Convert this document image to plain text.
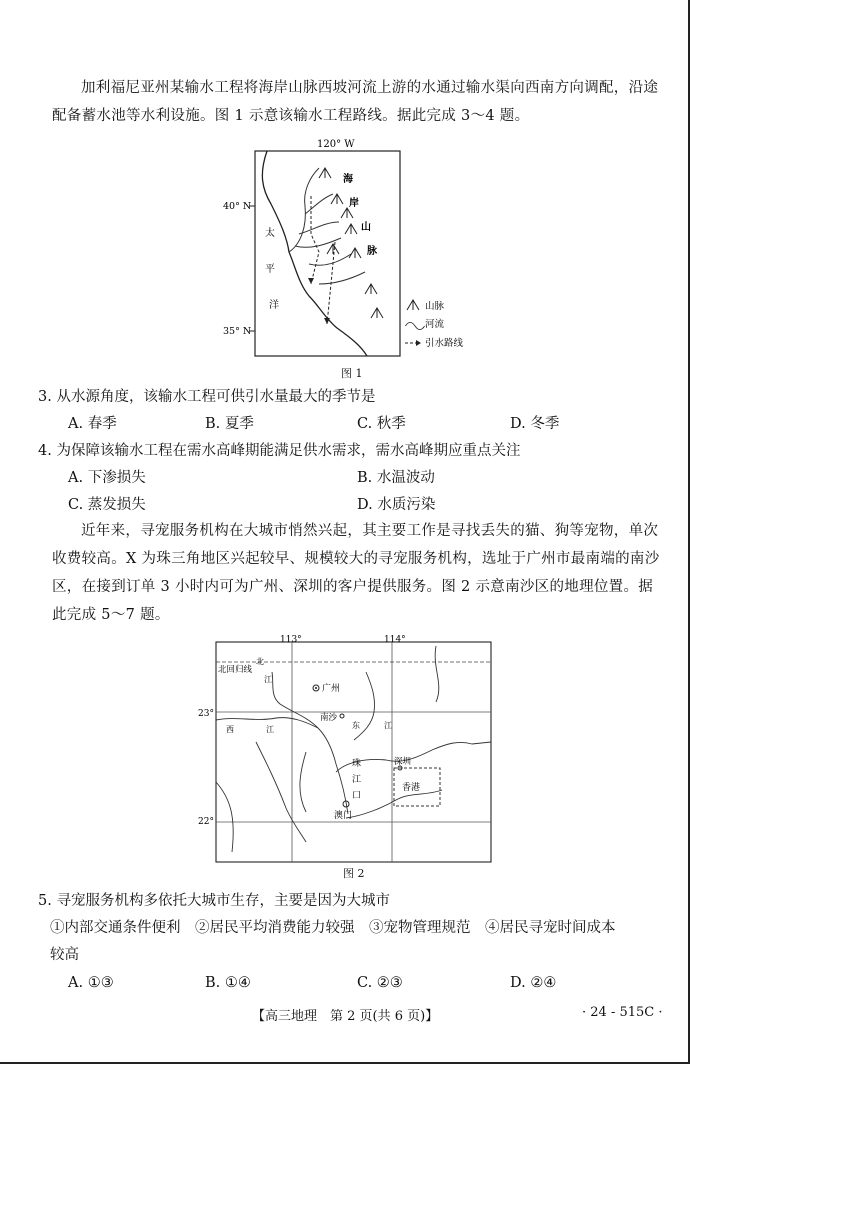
加利福尼亚州某输水工程将海岸山脉西坡河流上游的水通过输水渠向西南方向调配，沿途配备蓄水池等水利设施。图 1 示意该输水工程路线。据此完成 3～4 题。

120° W
40° N
35° N
海
岸
山
脉
太
平
洋	山脉
河流
引水路线
图 1

3. 从水源角度，该输水工程可供引水量最大的季节是

A. 春季	B. 夏季	C. 秋季	D. 冬季

4. 为保障该输水工程在需水高峰期能满足供水需求，需水高峰期应重点关注

A. 下渗损失	B. 水温波动
C. 蒸发损失	D. 水质污染

近年来，寻宠服务机构在大城市悄然兴起，其主要工作是寻找丢失的猫、狗等宠物，单次收费较高。X 为珠三角地区兴起较早、规模较大的寻宠服务机构，选址于广州市最南端的南沙区，在接到订单 3 小时内可为广州、深圳的客户提供服务。图 2 示意南沙区的地理位置。据此完成 5～7 题。

113°	114°
23°
22°
北回归线
广州
南沙
深圳
香港
澳门
北
江
西	江	东	江
珠
江
口
图 2

5. 寻宠服务机构多依托大城市生存，主要是因为大城市

①内部交通条件便利　②居民平均消费能力较强　③宠物管理规范　④居民寻宠时间成本
较高
A. ①③	B. ①④	C. ②③	D. ②④
【高三地理　第 2 页(共 6 页)】	· 24 - 515C ·
